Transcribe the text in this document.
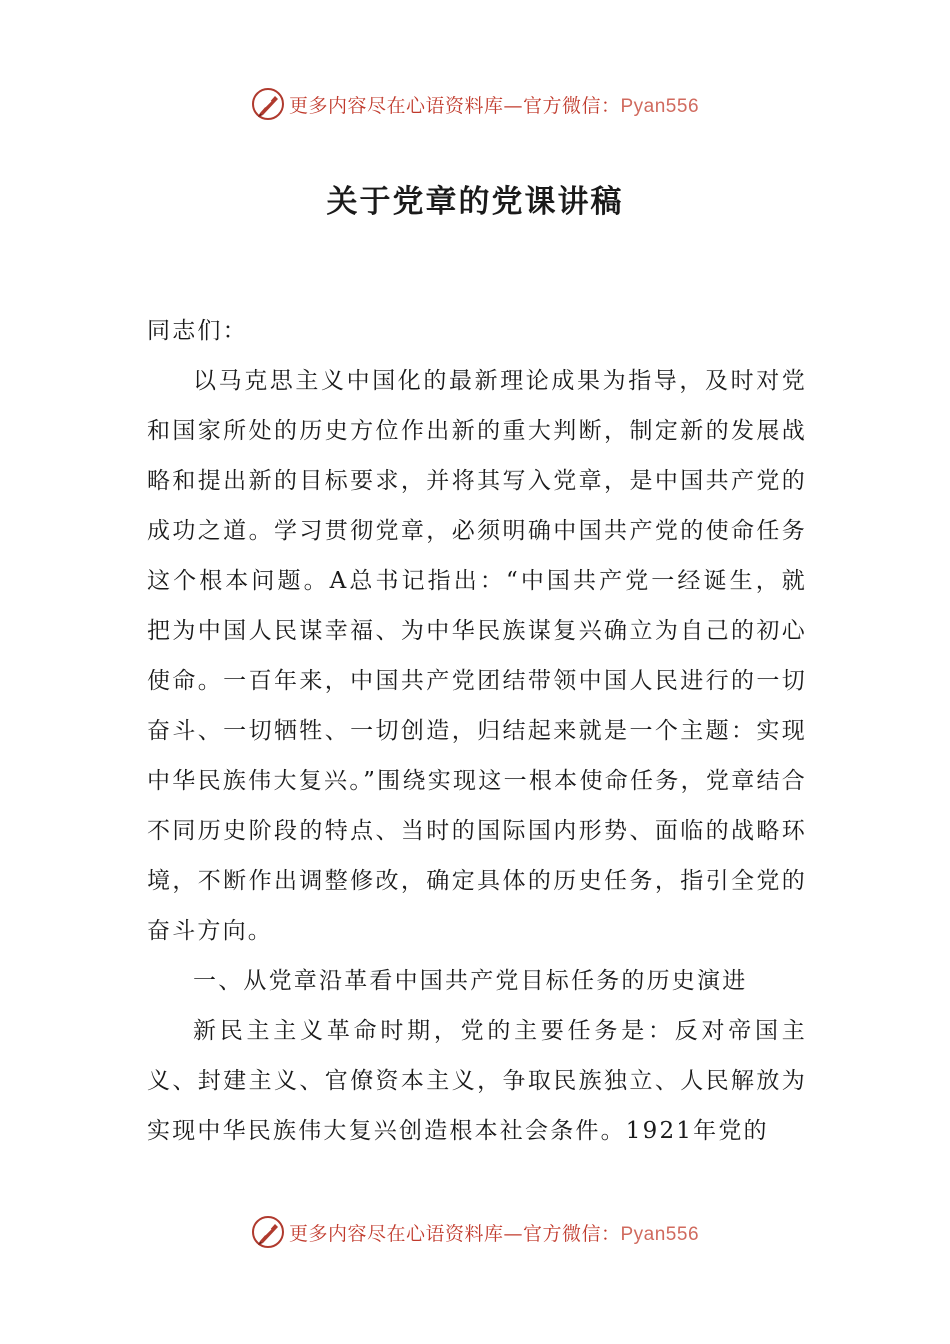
更多内容尽在心语资料库—官方微信：Pyan556
关于党章的党课讲稿

同志们：

以马克思主义中国化的最新理论成果为指导，及时对党和国家所处的历史方位作出新的重大判断，制定新的发展战略和提出新的目标要求，并将其写入党章，是中国共产党的成功之道。学习贯彻党章，必须明确中国共产党的使命任务这个根本问题。A总书记指出：“中国共产党一经诞生，就把为中国人民谋幸福、为中华民族谋复兴确立为自己的初心使命。一百年来，中国共产党团结带领中国人民进行的一切奋斗、一切牺牲、一切创造，归结起来就是一个主题：实现中华民族伟大复兴。”围绕实现这一根本使命任务，党章结合不同历史阶段的特点、当时的国际国内形势、面临的战略环境，不断作出调整修改，确定具体的历史任务，指引全党的奋斗方向。

一、从党章沿革看中国共产党目标任务的历史演进

新民主主义革命时期，党的主要任务是：反对帝国主义、封建主义、官僚资本主义，争取民族独立、人民解放为实现中华民族伟大复兴创造根本社会条件。1921年党的

更多内容尽在心语资料库—官方微信：Pyan556
